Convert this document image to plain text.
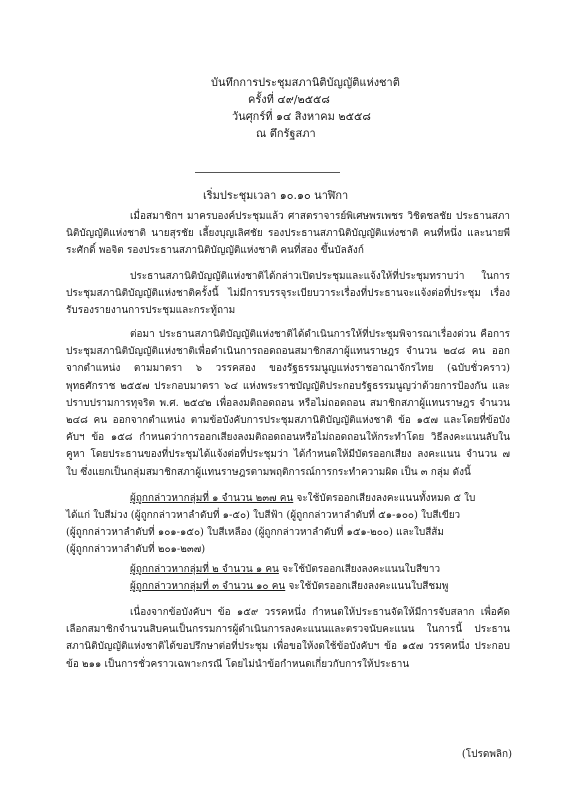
บันทึกการประชุมสภานิติบัญญัติแห่งชาติ
ครั้งที่ ๔๙/๒๕๕๘
วันศุกร์ที่ ๑๔ สิงหาคม ๒๕๕๘
ณ ตึกรัฐสภา
เริ่มประชุมเวลา ๑๐.๑๐ นาฬิกา
เมื่อสมาชิกฯ มาครบองค์ประชุมแล้ว ศาสตราจารย์พิเศษพรเพชร วิชิตชลชัย ประธานสภานิติบัญญัติแห่งชาติ นายสุรชัย เลี้ยงบุญเลิศชัย รองประธานสภานิติบัญญัติแห่งชาติ คนที่หนึ่ง และนายพีระศักดิ์ พอจิต รองประธานสภานิติบัญญัติแห่งชาติ คนที่สอง ขึ้นบัลลังก์
ประธานสภานิติบัญญัติแห่งชาติได้กล่าวเปิดประชุมและแจ้งให้ที่ประชุมทราบว่า ในการประชุมสภานิติบัญญัติแห่งชาติครั้งนี้ ไม่มีการบรรจุระเบียบวาระเรื่องที่ประธานจะแจ้งต่อที่ประชุม เรื่องรับรองรายงานการประชุมและกระทู้ถาม
ต่อมา ประธานสภานิติบัญญัติแห่งชาติได้ดำเนินการให้ที่ประชุมพิจารณาเรื่องด่วน คือการประชุมสภานิติบัญญัติแห่งชาติเพื่อดำเนินการถอดถอนสมาชิกสภาผู้แทนราษฎร จำนวน ๒๔๘ คน ออกจากตำแหน่ง ตามมาตรา ๖ วรรคสอง ของรัฐธรรมนูญแห่งราชอาณาจักรไทย (ฉบับชั่วคราว) พุทธศักราช ๒๕๕๗ ประกอบมาตรา ๖๔ แห่งพระราชบัญญัติประกอบรัฐธรรมนูญว่าด้วยการป้องกัน และปราบปรามการทุจริต พ.ศ. ๒๕๔๒ เพื่อลงมติถอดถอน หรือไม่ถอดถอน สมาชิกสภาผู้แทนราษฎร จำนวน ๒๔๘ คน ออกจากตำแหน่ง ตามข้อบังคับการประชุมสภานิติบัญญัติแห่งชาติ ข้อ ๑๕๗ และโดยที่ข้อบังคับฯ ข้อ ๑๕๘ กำหนดว่าการออกเสียงลงมติถอดถอนหรือไม่ถอดถอนให้กระทำโดย วิธีลงคะแนนลับในคูหา โดยประธานของที่ประชุมได้แจ้งต่อที่ประชุมว่า ได้กำหนดให้มีบัตรออกเสียง ลงคะแนน จำนวน ๗ ใบ ซึ่งแยกเป็นกลุ่มสมาชิกสภาผู้แทนราษฎรตามพฤติการณ์การกระทำความผิด เป็น ๓ กลุ่ม ดังนี้
ผู้ถูกกล่าวหากลุ่มที่ ๑ จำนวน ๒๓๗ คน จะใช้บัตรออกเสียงลงคะแนนทั้งหมด ๕ ใบ
ได้แก่ ใบสีม่วง (ผู้ถูกกล่าวหาลำดับที่ ๑-๕๐) ใบสีฟ้า (ผู้ถูกกล่าวหาลำดับที่ ๕๑-๑๐๐) ใบสีเขียว
(ผู้ถูกกล่าวหาลำดับที่ ๑๐๑-๑๕๐) ใบสีเหลือง (ผู้ถูกกล่าวหาลำดับที่ ๑๕๑-๒๐๐) และใบสีส้ม
(ผู้ถูกกล่าวหาลำดับที่ ๒๐๑-๒๓๗)
ผู้ถูกกล่าวหากลุ่มที่ ๒ จำนวน ๑ คน จะใช้บัตรออกเสียงลงคะแนนใบสีขาว
ผู้ถูกกล่าวหากลุ่มที่ ๓ จำนวน ๑๐ คน จะใช้บัตรออกเสียงลงคะแนนใบสีชมพู
เนื่องจากข้อบังคับฯ ข้อ ๑๕๙ วรรคหนึ่ง กำหนดให้ประธานจัดให้มีการจับสลาก เพื่อคัดเลือกสมาชิกจำนวนสิบคนเป็นกรรมการผู้ดำเนินการลงคะแนนและตรวจนับคะแนน ในการนี้ ประธานสภานิติบัญญัติแห่งชาติได้ขอปรึกษาต่อที่ประชุม เพื่อขอให้งดใช้ข้อบังคับฯ ข้อ ๑๕๗ วรรคหนึ่ง ประกอบข้อ ๒๑๑ เป็นการชั่วคราวเฉพาะกรณี โดยไม่นำข้อกำหนดเกี่ยวกับการให้ประธาน
(โปรดพลิก)
